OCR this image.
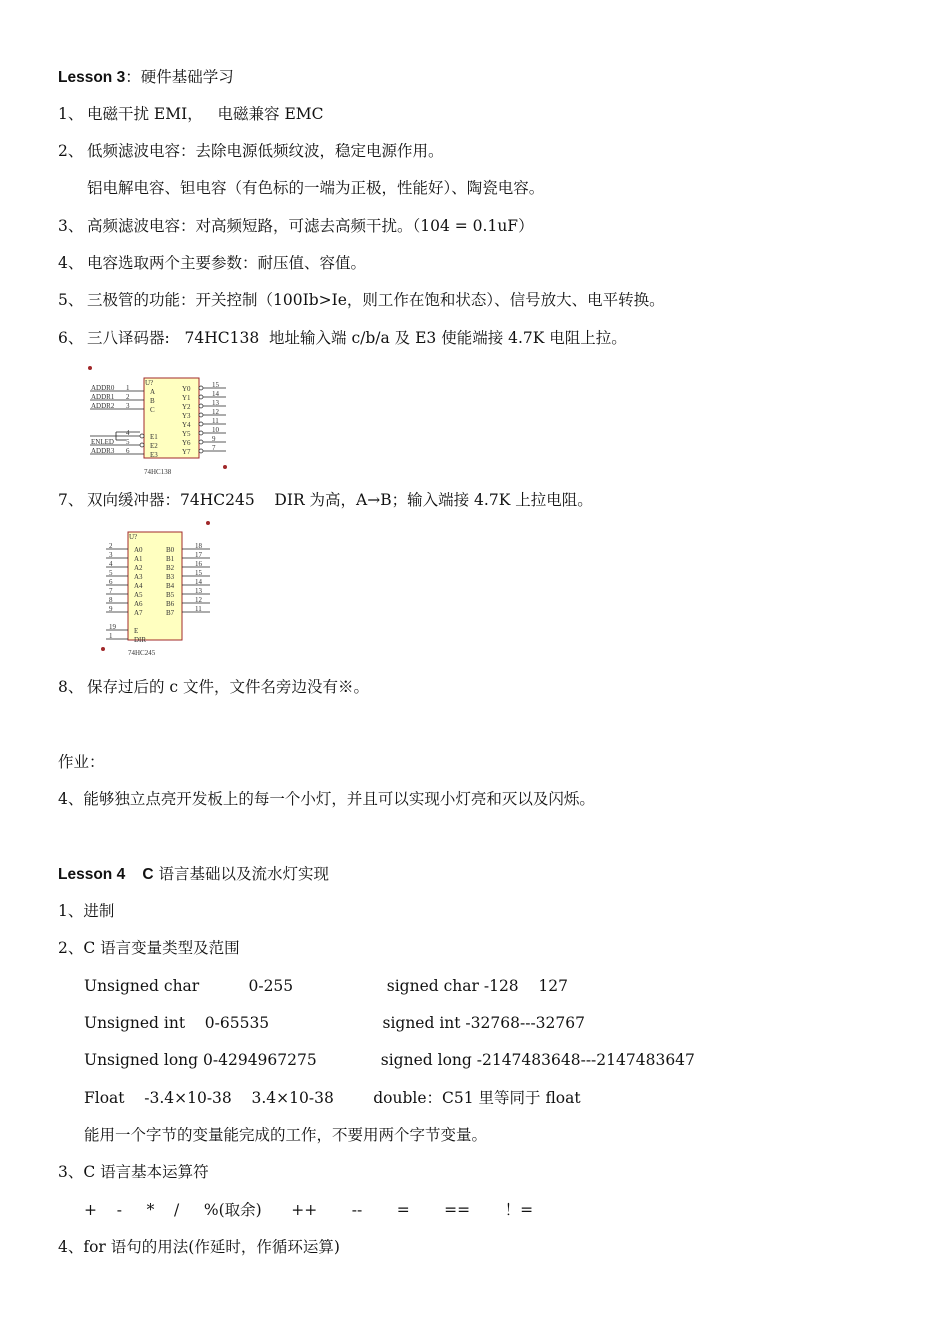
Lesson 3：硬件基础学习
1、 电磁干扰 EMI，   电磁兼容 EMC
2、 低频滤波电容：去除电源低频纹波，稳定电源作用。
铝电解电容、钽电容（有色标的一端为正极，性能好）、陶瓷电容。
3、 高频滤波电容：对高频短路，可滤去高频干扰。（104 = 0.1uF）
4、 电容选取两个主要参数：耐压值、容值。
5、 三极管的功能：开关控制（100Ib>Ie，则工作在饱和状态）、信号放大、电平转换。
6、 三八译码器:   74HC138  地址输入端 c/b/a 及 E3 使能端接 4.7K 电阻上拉。
U?
74HC138
ADDR0 1	A
ADDR1 2	B
ADDR2 3	C
4	E1
ENLED 5	E2
ADDR3 6	E3
15
Y0
14
Y1
13
Y2
12
Y3
11
Y4
10
Y5
9
Y6
7
Y7
7、 双向缓冲器：74HC245    DIR 为高，A→B；输入端接 4.7K 上拉电阻。
U?
74HC245
2	A0
3	A1
4	A2
5	A3
6	A4
7	A5
8	A6
9	A7
19	E
1	DIR
18
B0
17
B1
16
B2
15
B3
14
B4
13
B5
12
B6
11
B7
8、 保存过后的 c 文件，文件名旁边没有※。
作业：
4、能够独立点亮开发板上的每一个小灯，并且可以实现小灯亮和灭以及闪烁。
Lesson 4    C 语言基础以及流水灯实现
1、进制
2、C 语言变量类型及范围
Unsigned char          0-255                   signed char -128    127
Unsigned int    0-65535                       signed int -32768---32767
Unsigned long 0-4294967275             signed long -2147483648---2147483647
Float    -3.4×10-38    3.4×10-38        double：C51 里等同于 float
能用一个字节的变量能完成的工作，不要用两个字节变量。
3、C 语言基本运算符
+    -     *    /     %(取余)      ++       --       =       ==       ！=
4、for 语句的用法(作延时，作循环运算)
